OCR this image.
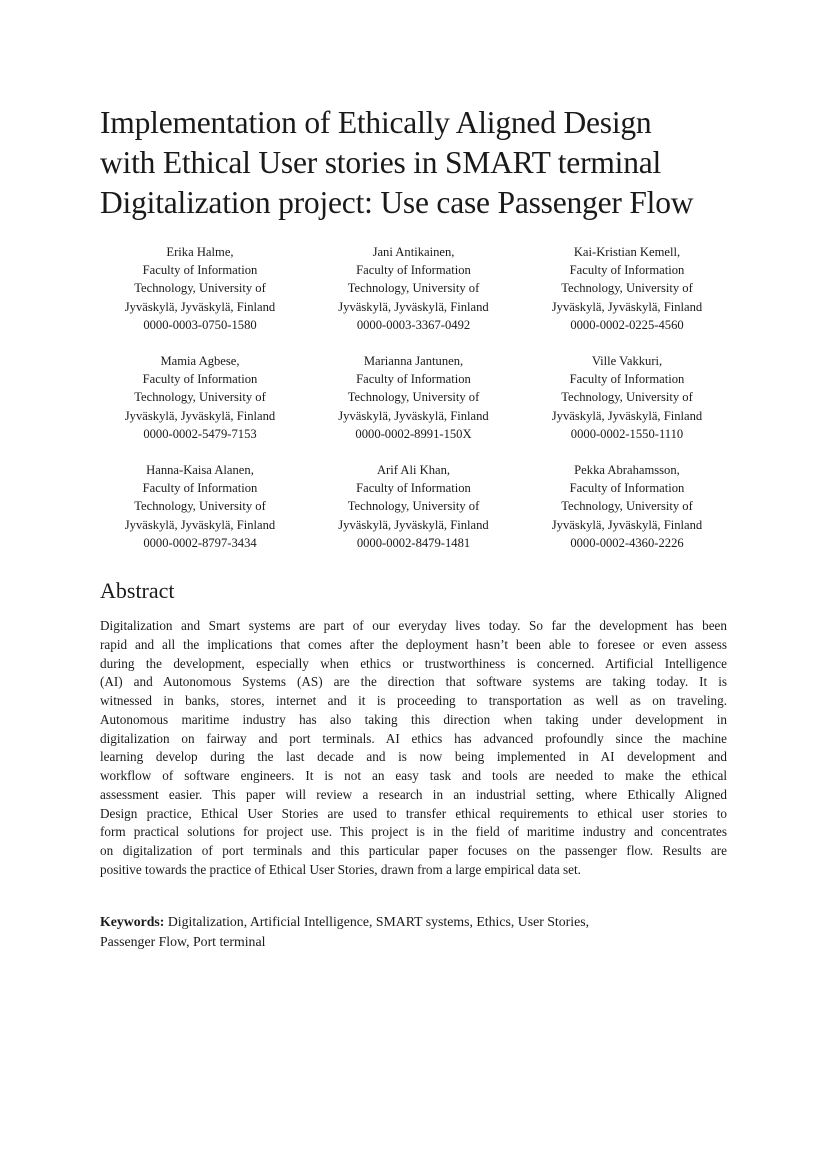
Implementation of Ethically Aligned Design
with Ethical User stories in SMART terminal
Digitalization project: Use case Passenger Flow
Erika Halme,
Faculty of Information
Technology, University of
Jyväskylä, Jyväskylä, Finland
0000-0003-0750-1580
Jani Antikainen,
Faculty of Information
Technology, University of
Jyväskylä, Jyväskylä, Finland
0000-0003-3367-0492
Kai-Kristian Kemell,
Faculty of Information
Technology, University of
Jyväskylä, Jyväskylä, Finland
0000-0002-0225-4560
Mamia Agbese,
Faculty of Information
Technology, University of
Jyväskylä, Jyväskylä, Finland
0000-0002-5479-7153
Marianna Jantunen,
Faculty of Information
Technology, University of
Jyväskylä, Jyväskylä, Finland
0000-0002-8991-150X
Ville Vakkuri,
Faculty of Information
Technology, University of
Jyväskylä, Jyväskylä, Finland
0000-0002-1550-1110
Hanna-Kaisa Alanen,
Faculty of Information
Technology, University of
Jyväskylä, Jyväskylä, Finland
0000-0002-8797-3434
Arif Ali Khan,
Faculty of Information
Technology, University of
Jyväskylä, Jyväskylä, Finland
0000-0002-8479-1481
Pekka Abrahamsson,
Faculty of Information
Technology, University of
Jyväskylä, Jyväskylä, Finland
0000-0002-4360-2226
Abstract

Digitalization and Smart systems are part of our everyday lives today. So far the development has been
rapid and all the implications that comes after the deployment hasn’t been able to foresee or even assess
during the development, especially when ethics or trustworthiness is concerned. Artificial Intelligence
(AI) and Autonomous Systems (AS) are the direction that software systems are taking today. It is
witnessed in banks, stores, internet and it is proceeding to transportation as well as on traveling.
Autonomous maritime industry has also taking this direction when taking under development in
digitalization on fairway and port terminals. AI ethics has advanced profoundly since the machine
learning develop during the last decade and is now being implemented in AI development and
workflow of software engineers. It is not an easy task and tools are needed to make the ethical
assessment easier. This paper will review a research in an industrial setting, where Ethically Aligned
Design practice, Ethical User Stories are used to transfer ethical requirements to ethical user stories to
form practical solutions for project use. This project is in the field of maritime industry and concentrates
on digitalization of port terminals and this particular paper focuses on the passenger flow. Results are
positive towards the practice of Ethical User Stories, drawn from a large empirical data set.

Keywords: Digitalization, Artificial Intelligence, SMART systems, Ethics, User Stories,
Passenger Flow, Port terminal
